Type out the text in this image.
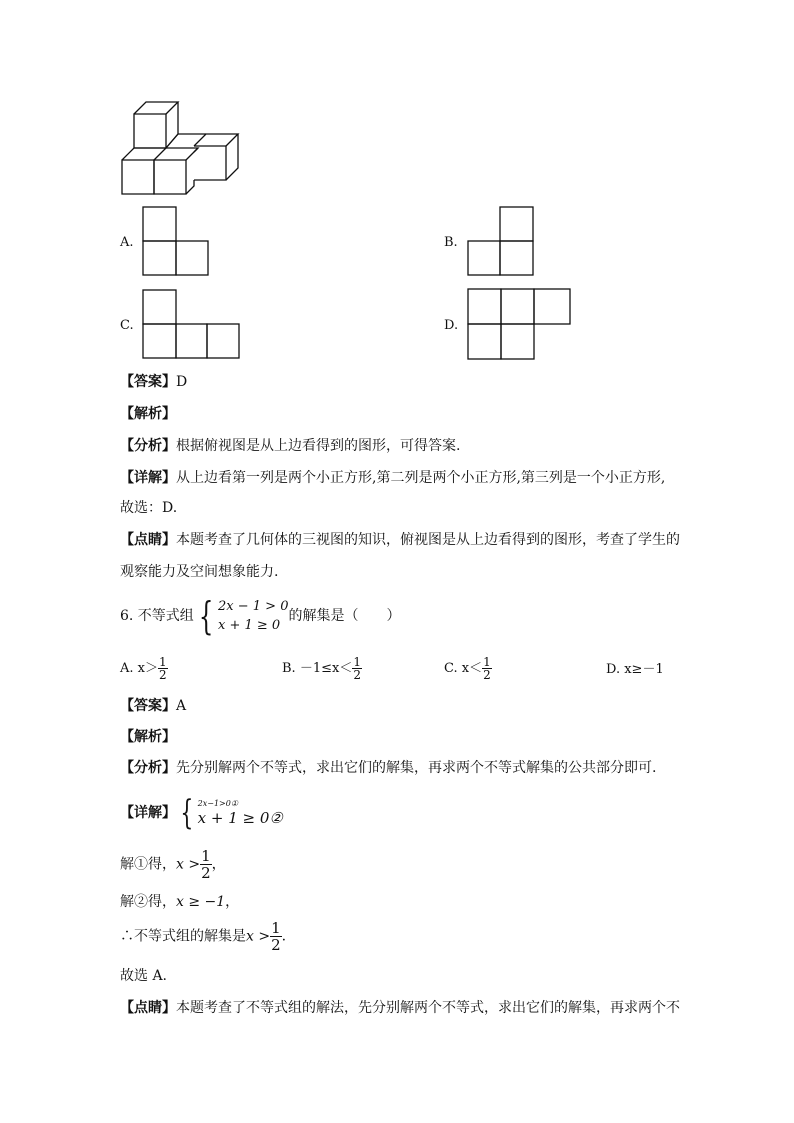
A.	B.
C.	D.
【答案】D
【解析】
【分析】根据俯视图是从上边看得到的图形，可得答案.
【详解】从上边看第一列是两个小正方形,第二列是两个小正方形,第三列是一个小正方形,
故选：D.
【点睛】本题考查了几何体的三视图的知识，俯视图是从上边看得到的图形，考查了学生的
观察能力及空间想象能力.
6. 不等式组 { 2x − 1 > 0
x + 1 ≥ 0
的解集是（　　）
A. $x> \frac{1}{2}$	B. $-1\le x< \frac{1}{2}$	C. $x< \frac{1}{2}$	D. x≥－1
【答案】A
【解析】
【分析】先分别解两个不等式，求出它们的解集，再求两个不等式解集的公共部分即可.
【详解】 { 2x−1>0①
x + 1 ≥ 0②
解①得，$x > \frac{1}{2}$ ，
解②得，x ≥ −1，
∴不等式组的解集是$x > \frac{1}{2}$ .
故选 A.
【点睛】本题考查了不等式组的解法，先分别解两个不等式，求出它们的解集，再求两个不
